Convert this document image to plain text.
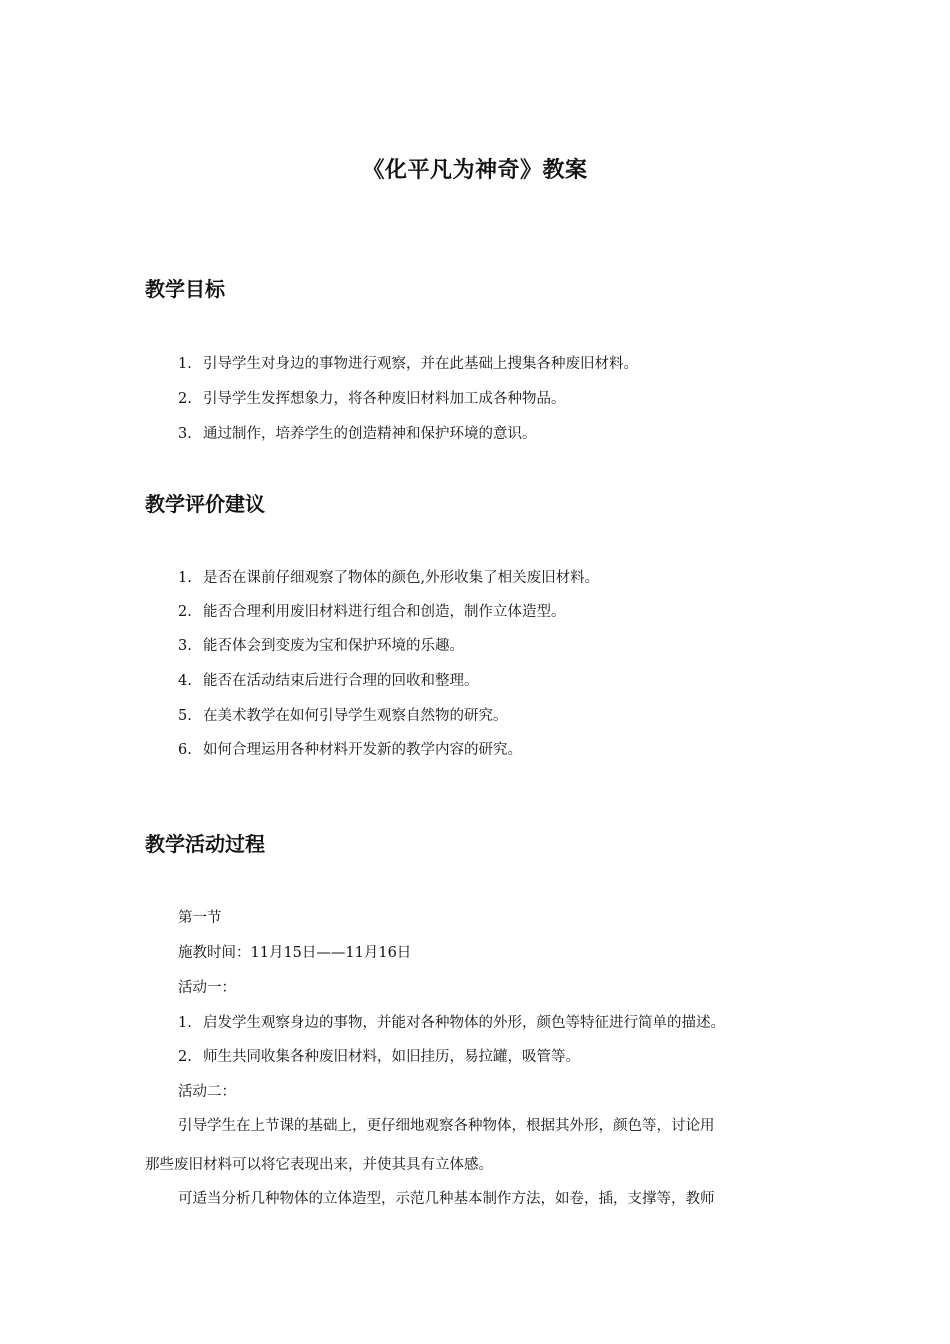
《化平凡为神奇》教案
教学目标
1. 引导学生对身边的事物进行观察，并在此基础上搜集各种废旧材料。
2. 引导学生发挥想象力，将各种废旧材料加工成各种物品。
3. 通过制作，培养学生的创造精神和保护环境的意识。
教学评价建议
1. 是否在课前仔细观察了物体的颜色,外形收集了相关废旧材料。
2. 能否合理利用废旧材料进行组合和创造，制作立体造型。
3. 能否体会到变废为宝和保护环境的乐趣。
4. 能否在活动结束后进行合理的回收和整理。
5. 在美术教学在如何引导学生观察自然物的研究。
6. 如何合理运用各种材料开发新的教学内容的研究。
教学活动过程
第一节
施教时间：11月15日——11月16日
活动一：
1. 启发学生观察身边的事物，并能对各种物体的外形，颜色等特征进行简单的描述。
2. 师生共同收集各种废旧材料，如旧挂历，易拉罐，吸管等。
活动二：
引导学生在上节课的基础上，更仔细地观察各种物体，根据其外形，颜色等，讨论用
那些废旧材料可以将它表现出来，并使其具有立体感。
可适当分析几种物体的立体造型，示范几种基本制作方法，如卷，插，支撑等，教师
